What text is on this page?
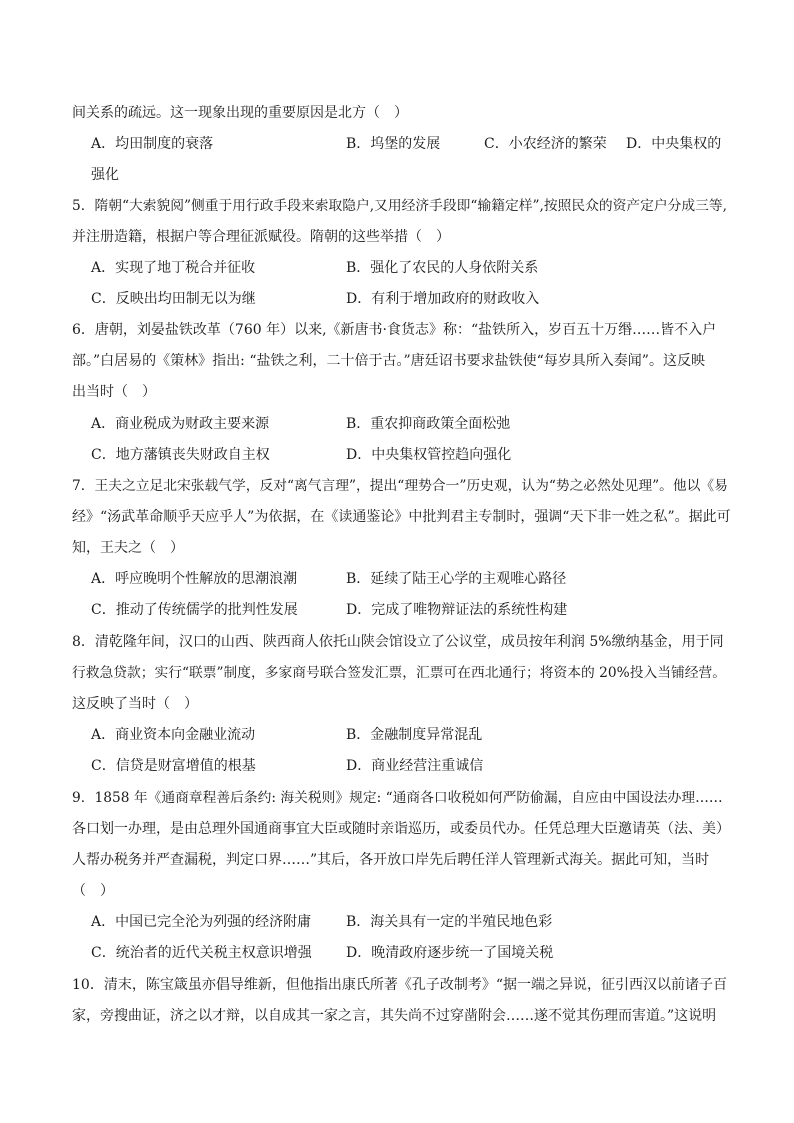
间关系的疏远。这一现象出现的重要原因是北方（　）
A．均田制度的衰落	B．坞堡的发展	C．小农经济的繁荣 D．中央集权的
强化
5．隋朝“大索貌阅”侧重于用行政手段来索取隐户,又用经济手段即“输籍定样”,按照民众的资产定户分成三等,
并注册造籍，根据户等合理征派赋役。隋朝的这些举措（　）
A．实现了地丁税合并征收	B．强化了农民的人身依附关系
C．反映出均田制无以为继	D．有利于增加政府的财政收入
6．唐朝，刘晏盐铁改革（760 年）以来,《新唐书·食货志》称：“盐铁所入，岁百五十万缗……皆不入户
部。”白居易的《策林》指出: “盐铁之利，二十倍于古。”唐廷诏书要求盐铁使“每岁具所入奏闻”。这反映
出当时（　）
A．商业税成为财政主要来源	B．重农抑商政策全面松弛
C．地方藩镇丧失财政自主权	D．中央集权管控趋向强化
7．王夫之立足北宋张载气学，反对“离气言理”，提出“理势合一”历史观，认为“势之必然处见理”。他以《易
经》“汤武革命顺乎天应乎人”为依据，在《读通鉴论》中批判君主专制时，强调“天下非一姓之私”。据此可
知，王夫之（　）
A．呼应晚明个性解放的思潮浪潮	B．延续了陆王心学的主观唯心路径
C．推动了传统儒学的批判性发展	D．完成了唯物辩证法的系统性构建
8．清乾隆年间，汉口的山西、陕西商人依托山陕会馆设立了公议堂，成员按年利润 5%缴纳基金，用于同
行救急贷款；实行“联票”制度，多家商号联合签发汇票，汇票可在西北通行；将资本的 20%投入当铺经营。
这反映了当时（　）
A．商业资本向金融业流动	B．金融制度异常混乱
C．信贷是财富增值的根基	D．商业经营注重诚信
9．1858 年《通商章程善后条约: 海关税则》规定: “通商各口收税如何严防偷漏，自应由中国设法办理……
各口划一办理，是由总理外国通商事宜大臣或随时亲诣巡历，或委员代办。任凭总理大臣邀请英（法、美）
人帮办税务并严查漏税，判定口界……”其后，各开放口岸先后聘任洋人管理新式海关。据此可知，当时
（　）
A．中国已完全沦为列强的经济附庸 B．海关具有一定的半殖民地色彩
C．统治者的近代关税主权意识增强 D．晚清政府逐步统一了国境关税
10．清末，陈宝箴虽亦倡导维新，但他指出康氏所著《孔子改制考》“据一端之异说，征引西汉以前诸子百
家，旁搜曲证，济之以才辩，以自成其一家之言，其失尚不过穿凿附会……遂不觉其伤理而害道。”这说明
